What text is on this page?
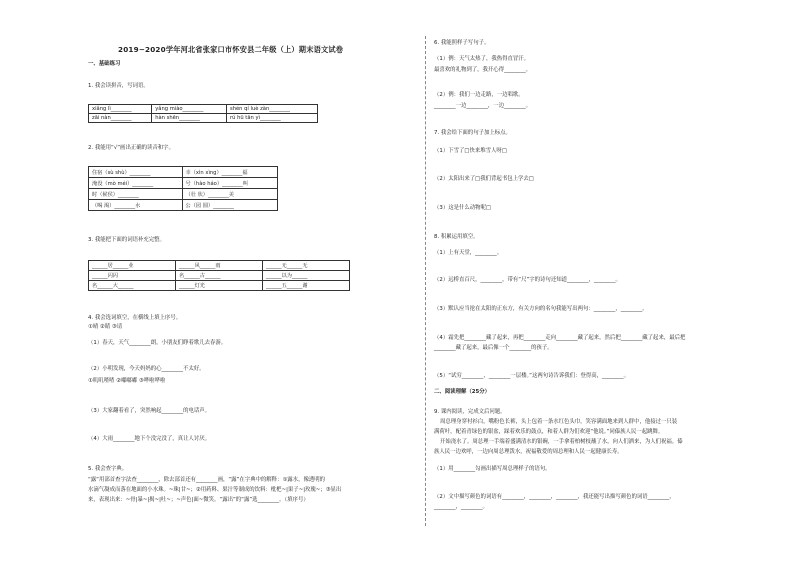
2019−2020学年河北省张家口市怀安县二年级（上）期末语文试卷
一、基础练习
1. 我会读拼音，写词语。
xiǎng lì________	yǎng miào________	shén qí luè zàn________
zāi nàn________	hàn shēn________	rú hū tān yì________
2. 我能用“√”画出正确的读音和字。
住宿（sù shù）________	幸（xìn xìng）________福
淹没（mò méi）________	号（hào háo）________叫
时（候侯）________	（壮 状）________美
（喝 渴）________水	公（园 圆）________
3. 我能把下面的词语补充完整。
______居______业	______风______雨	______无______无
______闪闪	名______古______	______以为______
名______大______	______灯光	______五______谢
4. 我会选词填空，在横线上填上序号。
①晴 ②睛 ③请
（1）春天，天气________朗，小朋友们睁着歌儿去春游。
（2）小明发现，今天妈妈的心________不太好。
①叽叽喳喳 ②嘟嘟嘟 ③哗啦哗啦
（3）大家翻着看了，突然响起________的电话声。
（4）大雨________地下个没完没了，真让人讨厌。
5. 我会查字典。
“露”用部首查字法查________，除去部首还有________画，“露”在字典中的解释：①露水，像透明的
水滴气凝成而落在地面的小水珠。~珠|甘~；②用药料、果汁等制成的饮料：枇杷~|果子~|玫瑰~；③显出
来，表现出来：~骨|暴~|揭~|吐~；~声色|面~微笑。“露出”的“露”选________。（填序号）
6. 我能照样子写句子。
（1）例：天气太热了，我热得直冒汗。
最喜欢的礼物到了，我开心得________。
（2）例：我们一边走路，一边唱歌。
________一边________，一边________。
7. 我会给下面的句子加上标点。
（1）下雪了□快来堆雪人呀□
（2）太阳出来了□我们背起书包上学去□
（3）这是什么动物呢□
8. 积累运用填空。
（1）上有天堂，________。
（2）远桥直百尺，________，带有“尺”字的诗句还知道________，________。
（3）默认应当抢在太阳的正东方，有关方向的名句我能写出两句：________，________。
（4）霜先把________藏了起来，再把________走向________藏了起来，然后把________藏了起来，最后把
________藏了起来，最后像一个________的孩子。
（5）“试穷________，________一层楼。”这两句诗告诉我们：登得高，________。
二、阅读理解（25分）
9. 课内阅读，完成文后问题。
周总理身穿衬衫白，嘴粉色长裤，头上包着一条水红色头巾，笑容满面地来到人群中，他接过一只装
满荷叶，配着青绿色的银盆，踩着欢乐的鼓点，和着人群为们欢迎“他说。”同傣族人民一起跳舞。
开始浇水了。周总理一手端着盛满清水的银碗，一手拿着柏树枝蘸了水，向人们洒来，为人们祝福。傣
族人民一边欢呼，一边向周总理泼水，祝福敬爱的周总理和人民一起健康长寿。
（1）用________勾画出描写周总理样子的语句。
（2）文中描写颜色的词语有________，________，________，我还能写出描写颜色的词语________，
________，________。
